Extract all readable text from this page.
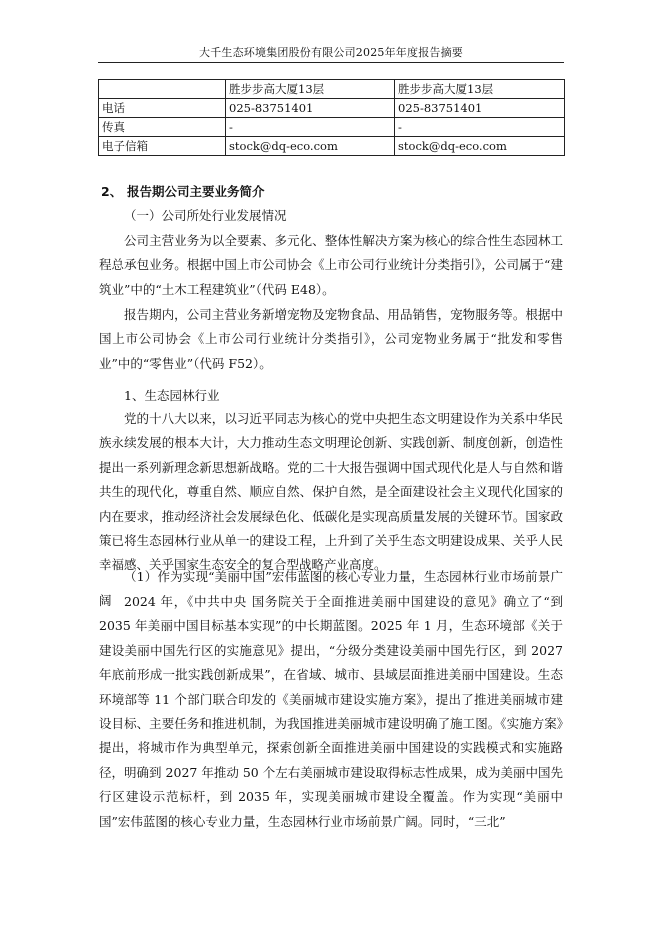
大千生态环境集团股份有限公司2025年年度报告摘要
	胜步步高大厦13层	胜步步高大厦13层
电话	025-83751401	025-83751401
传真	-	-
电子信箱	stock@dq-eco.com	stock@dq-eco.com
2、 报告期公司主要业务简介
（一）公司所处行业发展情况

公司主营业务为以全要素、多元化、整体性解决方案为核心的综合性生态园林工程总承包业务。根据中国上市公司协会《上市公司行业统计分类指引》，公司属于“建筑业”中的“土木工程建筑业”（代码 E48）。

报告期内，公司主营业务新增宠物及宠物食品、用品销售，宠物服务等。根据中国上市公司协会《上市公司行业统计分类指引》，公司宠物业务属于“批发和零售业”中的“零售业”（代码 F52）。

1、生态园林行业

党的十八大以来，以习近平同志为核心的党中央把生态文明建设作为关系中华民族永续发展的根本大计，大力推动生态文明理论创新、实践创新、制度创新，创造性提出一系列新理念新思想新战略。党的二十大报告强调中国式现代化是人与自然和谐共生的现代化，尊重自然、顺应自然、保护自然，是全面建设社会主义现代化国家的内在要求，推动经济社会发展绿色化、低碳化是实现高质量发展的关键环节。国家政策已将生态园林行业从单一的建设工程，上升到了关乎生态文明建设成果、关乎人民幸福感、关乎国家生态安全的复合型战略产业高度。

（1）作为实现“美丽中国”宏伟蓝图的核心专业力量，生态园林行业市场前景广阔 2024 年，《中共中央 国务院关于全面推进美丽中国建设的意见》确立了“到 2035 年美丽中国目标基本实现”的中长期蓝图。2025 年 1 月，生态环境部《关于建设美丽中国先行区的实施意见》提出，“分级分类建设美丽中国先行区，到 2027 年底前形成一批实践创新成果”，在省域、城市、县域层面推进美丽中国建设。生态环境部等 11 个部门联合印发的《美丽城市建设实施方案》，提出了推进美丽城市建设目标、主要任务和推进机制，为我国推进美丽城市建设明确了施工图。《实施方案》提出，将城市作为典型单元，探索创新全面推进美丽中国建设的实践模式和实施路径，明确到 2027 年推动 50 个左右美丽城市建设取得标志性成果，成为美丽中国先行区建设示范标杆，到 2035 年，实现美丽城市建设全覆盖。作为实现“美丽中国”宏伟蓝图的核心专业力量，生态园林行业市场前景广阔。同时，“三北”
